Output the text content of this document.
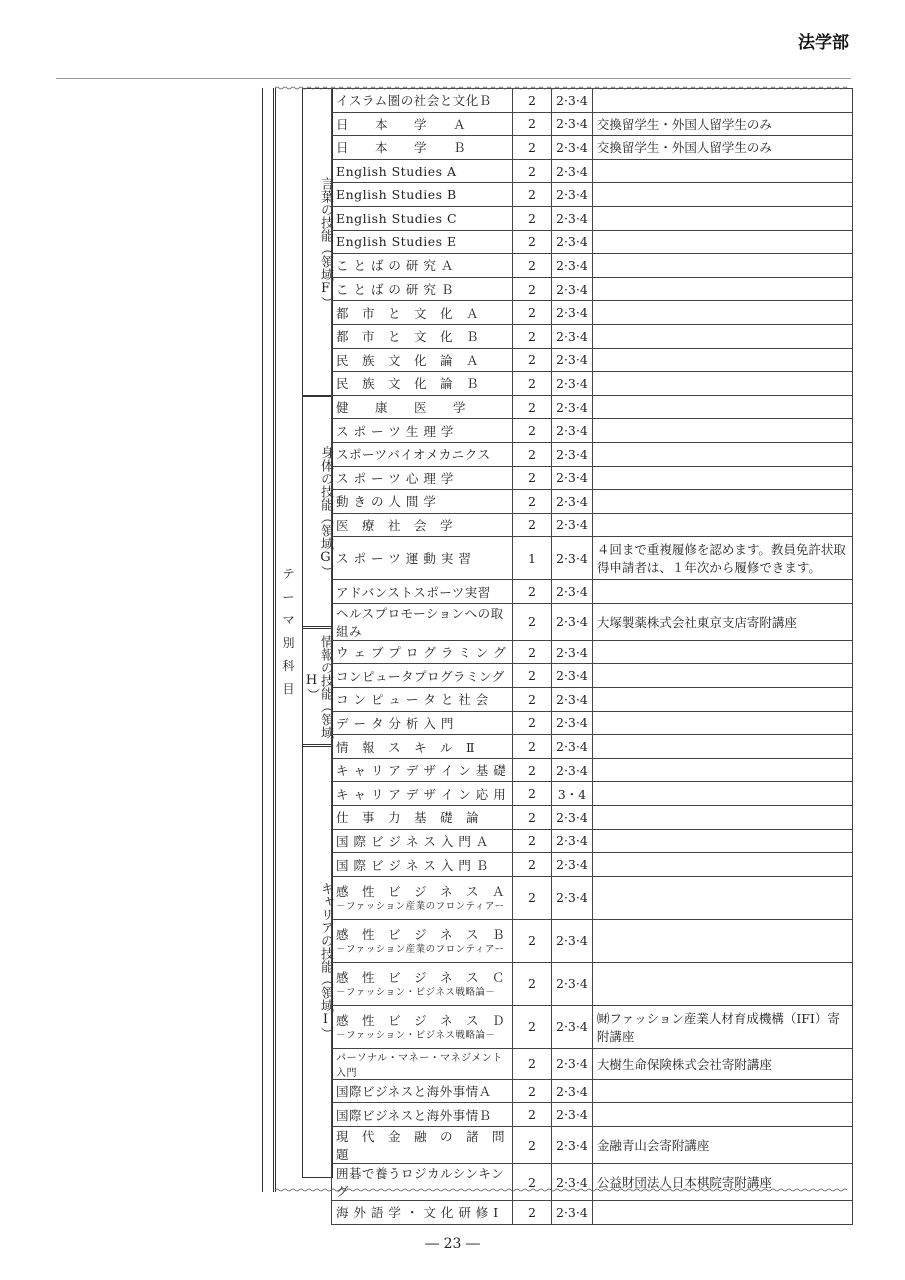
法学部
テ
ー
マ
別
科
目
言葉の技能（領域F）
身体の技能（領域G）
情報の技能（領域H）
キャリアの技能（領域I）
イスラム圏の社会と文化Ｂ	2	2·3·4	
日　　本　　学　　Ａ	2	2·3·4	交換留学生・外国人留学生のみ
日　　本　　学　　Ｂ	2	2·3·4	交換留学生・外国人留学生のみ
English Studies A	2	2·3·4	
English Studies B	2	2·3·4	
English Studies C	2	2·3·4	
English Studies E	2	2·3·4	
こ と ば の 研 究 Ａ	2	2·3·4	
こ と ば の 研 究 Ｂ	2	2·3·4	
都　市　と　文　化　Ａ	2	2·3·4	
都　市　と　文　化　Ｂ	2	2·3·4	
民　族　文　化　論　Ａ	2	2·3·4	
民　族　文　化　論　Ｂ	2	2·3·4	
健　　康　　医　　学	2	2·3·4	
ス ポ ー ツ 生 理 学	2	2·3·4	
スポーツバイオメカニクス	2	2·3·4	
ス ポ ー ツ 心 理 学	2	2·3·4	
動 き の 人 間 学	2	2·3·4	
医　療　社　会　学	2	2·3·4	
ス ポ ー ツ 運 動 実 習	1	2·3·4	４回まで重複履修を認めます。教員免許状取得申請者は、１年次から履修できます。
アドバンストスポーツ実習	2	2·3·4	
ヘルスプロモーションへの取組み	2	2·3·4	大塚製薬株式会社東京支店寄附講座
ウ ェ ブ プ ロ グ ラ ミ ン グ	2	2·3·4	
コンピュータプログラミング	2	2·3·4	
コ ン ピ ュ ー タ と 社 会	2	2·3·4	
デ ー タ 分 析 入 門	2	2·3·4	
情　報　ス　キ　ル　Ⅱ	2	2·3·4	
キ ャ リ ア デ ザ イ ン 基 礎	2	2·3·4	
キ ャ リ ア デ ザ イ ン 応 用	2	3・4	
仕　事　力　基　礎　論	2	2·3·4	
国 際 ビ ジ ネ ス 入 門 Ａ	2	2·3·4	
国 際 ビ ジ ネ ス 入 門 Ｂ	2	2·3·4	
感　性　ビ　ジ　ネ　ス　Ａ
－ファッション産業のフロンティアー	2	2·3·4	
感　性　ビ　ジ　ネ　ス　Ｂ
－ファッション産業のフロンティアー	2	2·3·4	
感　性　ビ　ジ　ネ　ス　Ｃ
－ファッション・ビジネス戦略論－	2	2·3·4	
感　性　ビ　ジ　ネ　ス　Ｄ
－ファッション・ビジネス戦略論－	2	2·3·4	㈶ファッション産業人材育成機構（IFI）寄附講座
パーソナル・マネー・マネジメント入門	2	2·3·4	大樹生命保険株式会社寄附講座
国際ビジネスと海外事情Ａ	2	2·3·4	
国際ビジネスと海外事情Ｂ	2	2·3·4	
現　代　金　融　の　諸　問　題	2	2·3·4	金融青山会寄附講座
囲碁で養うロジカルシンキング	2	2·3·4	公益財団法人日本棋院寄附講座
海 外 語 学 ・ 文 化 研 修 Ⅰ	2	2·3·4	
― 23 ―
